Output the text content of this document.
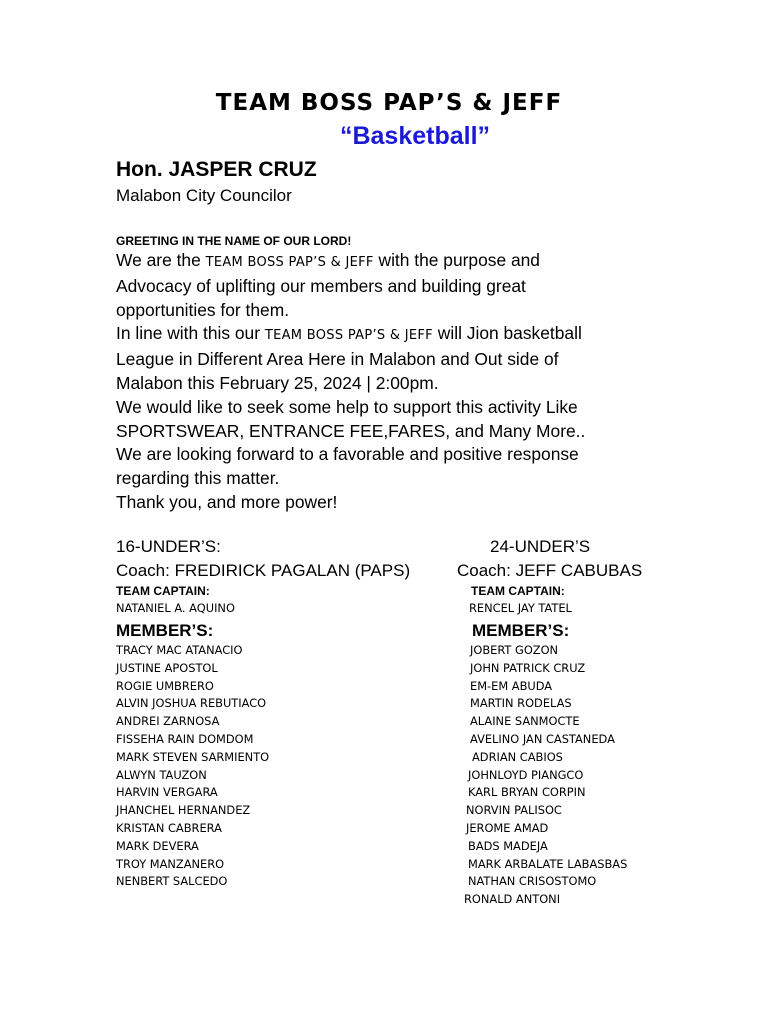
TEAM BOSS PAP’S & JEFF
“Basketball”
Hon. JASPER CRUZ
Malabon City Councilor
GREETING IN THE NAME OF OUR LORD!
We are the TEAM BOSS PAP’S & JEFF with the purpose and
Advocacy of uplifting our members and building great
opportunities for them.
In line with this our TEAM BOSS PAP’S & JEFF will Jion basketball
League in Different Area Here in Malabon and Out side of
Malabon this February 25, 2024 | 2:00pm.
We would like to seek some help to support this activity Like
SPORTSWEAR, ENTRANCE FEE,FARES, and Many More..
We are looking forward to a favorable and positive response
regarding this matter.
Thank you, and more power!
16-UNDER’S:
Coach: FREDIRICK PAGALAN (PAPS)
TEAM CAPTAIN:
NATANIEL A. AQUINO
MEMBER’S:
TRACY MAC ATANACIO
JUSTINE APOSTOL
ROGIE UMBRERO
ALVIN JOSHUA REBUTIACO
ANDREI ZARNOSA
FISSEHA RAIN DOMDOM
MARK STEVEN SARMIENTO
ALWYN TAUZON
HARVIN VERGARA
JHANCHEL HERNANDEZ
KRISTAN CABRERA
MARK DEVERA
TROY MANZANERO
NENBERT SALCEDO
24-UNDER’S
Coach: JEFF CABUBAS
TEAM CAPTAIN:
RENCEL JAY TATEL
MEMBER’S:
JOBERT GOZON
JOHN PATRICK CRUZ
EM-EM ABUDA
MARTIN RODELAS
ALAINE SANMOCTE
AVELINO JAN CASTANEDA
ADRIAN CABIOS
JOHNLOYD PIANGCO
KARL BRYAN CORPIN
NORVIN PALISOC
JEROME AMAD
BADS MADEJA
MARK ARBALATE LABASBAS
NATHAN CRISOSTOMO
RONALD ANTONI
